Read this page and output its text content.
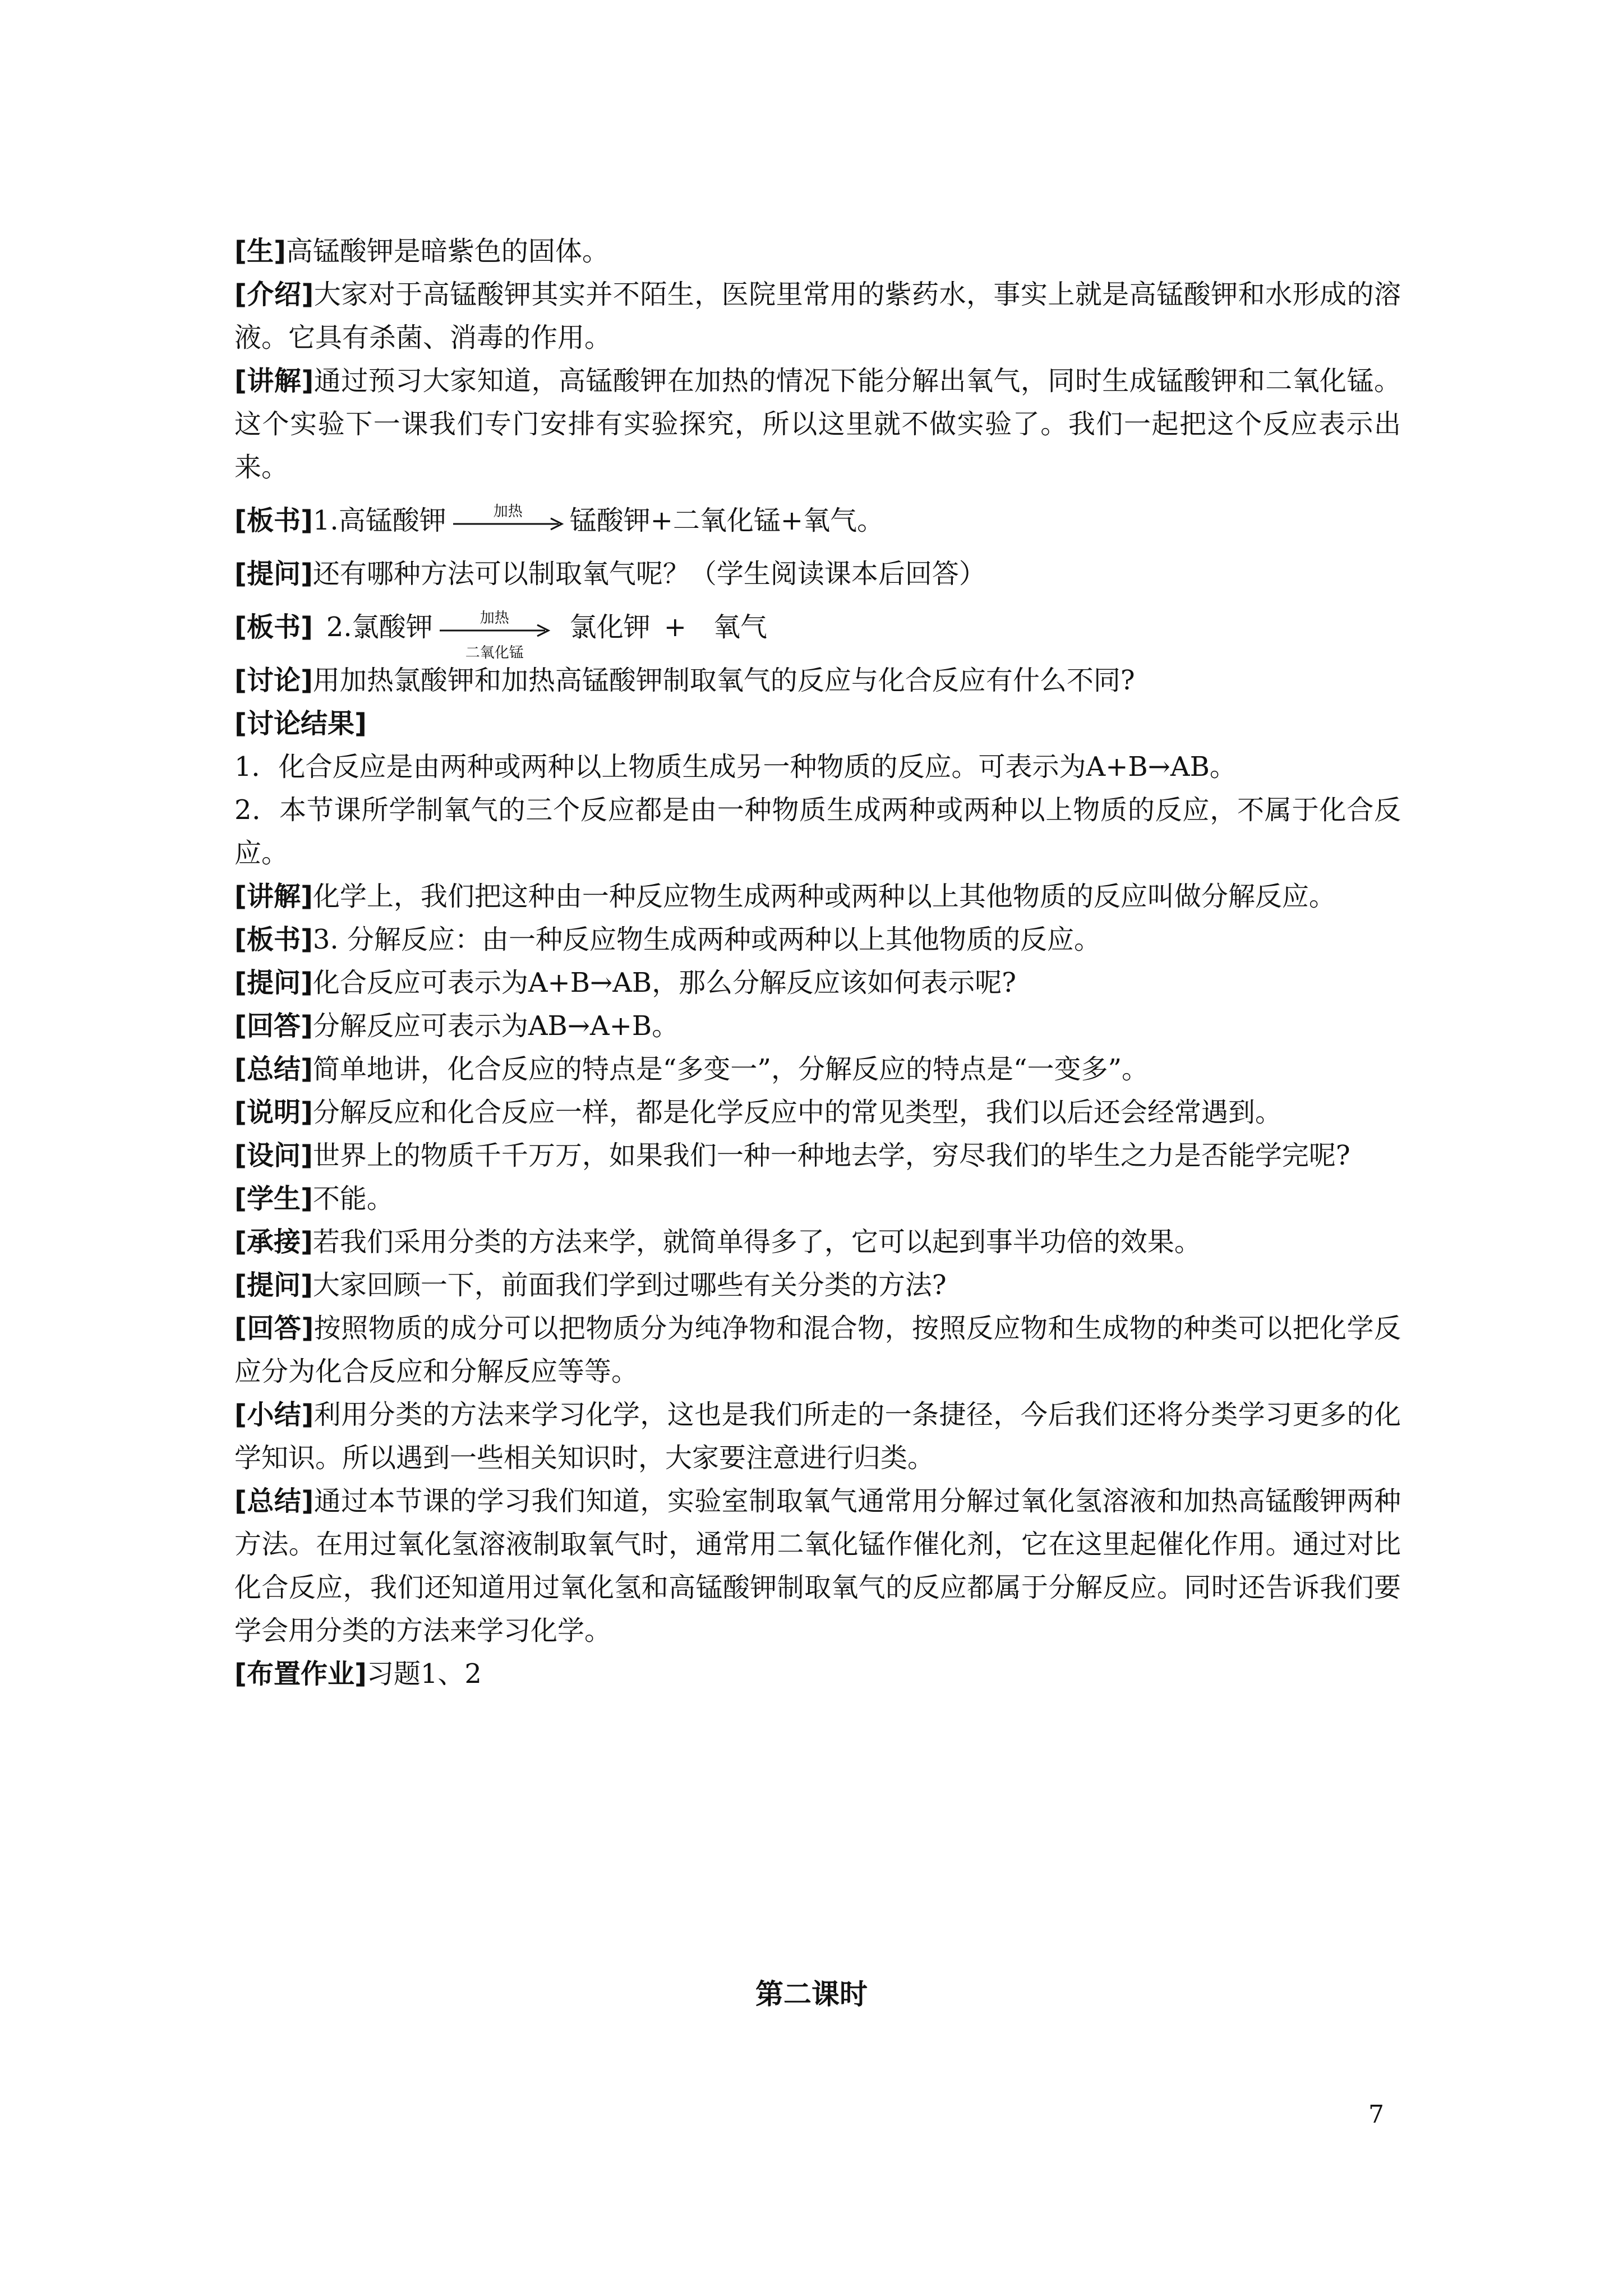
[生]高锰酸钾是暗紫色的固体。

[介绍]大家对于高锰酸钾其实并不陌生，医院里常用的紫药水，事实上就是高锰酸钾和水形成的溶液。它具有杀菌、消毒的作用。

[讲解]通过预习大家知道，高锰酸钾在加热的情况下能分解出氧气，同时生成锰酸钾和二氧化锰。这个实验下一课我们专门安排有实验探究，所以这里就不做实验了。我们一起把这个反应表示出来。

[板书]1.高锰酸钾	加热	锰酸钾+二氧化锰+氧气。

[提问]还有哪种方法可以制取氧气呢？（学生阅读课本后回答）

[板书] 2.氯酸钾	加热
二氧化锰
氯化钾 + 氧气

[讨论]用加热氯酸钾和加热高锰酸钾制取氧气的反应与化合反应有什么不同?

[讨论结果]

1．化合反应是由两种或两种以上物质生成另一种物质的反应。可表示为A+B→AB。

2．本节课所学制氧气的三个反应都是由一种物质生成两种或两种以上物质的反应，不属于化合反应。

[讲解]化学上，我们把这种由一种反应物生成两种或两种以上其他物质的反应叫做分解反应。

[板书]3. 分解反应：由一种反应物生成两种或两种以上其他物质的反应。

[提问]化合反应可表示为A+B→AB，那么分解反应该如何表示呢?

[回答]分解反应可表示为AB→A+B。

[总结]简单地讲，化合反应的特点是“多变一”，分解反应的特点是“一变多”。

[说明]分解反应和化合反应一样，都是化学反应中的常见类型，我们以后还会经常遇到。

[设问]世界上的物质千千万万，如果我们一种一种地去学，穷尽我们的毕生之力是否能学完呢?

[学生]不能。

[承接]若我们采用分类的方法来学，就简单得多了，它可以起到事半功倍的效果。

[提问]大家回顾一下，前面我们学到过哪些有关分类的方法?

[回答]按照物质的成分可以把物质分为纯净物和混合物，按照反应物和生成物的种类可以把化学反应分为化合反应和分解反应等等。

[小结]利用分类的方法来学习化学，这也是我们所走的一条捷径，今后我们还将分类学习更多的化学知识。所以遇到一些相关知识时，大家要注意进行归类。

[总结]通过本节课的学习我们知道，实验室制取氧气通常用分解过氧化氢溶液和加热高锰酸钾两种方法。在用过氧化氢溶液制取氧气时，通常用二氧化锰作催化剂，它在这里起催化作用。通过对比化合反应，我们还知道用过氧化氢和高锰酸钾制取氧气的反应都属于分解反应。同时还告诉我们要学会用分类的方法来学习化学。

[布置作业]习题1、2

第二课时
7
